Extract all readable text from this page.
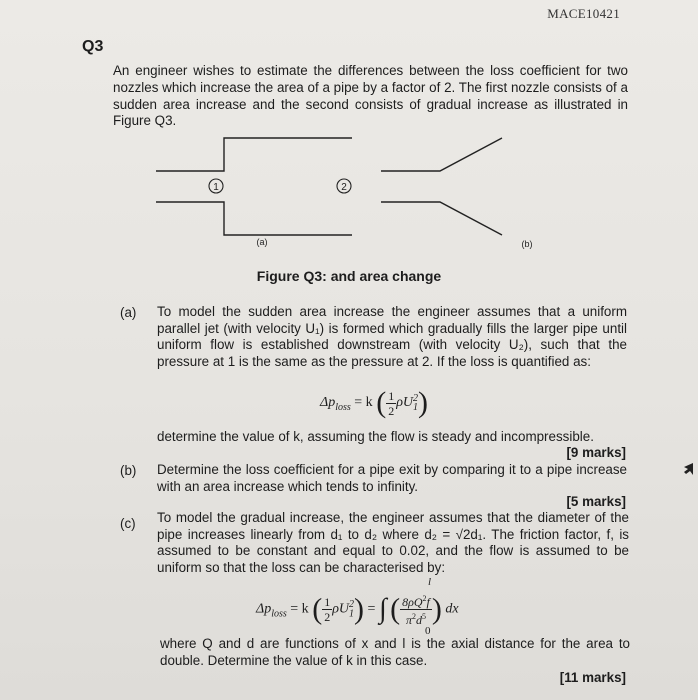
MACE10421
Q3
An engineer wishes to estimate the differences between the loss coefficient for two nozzles which increase the area of a pipe by a factor of 2. The first nozzle consists of a sudden area increase and the second consists of gradual increase as illustrated in Figure Q3.
1	2
(a)	(b)
Figure Q3: and area change
(a) To model the sudden area increase the engineer assumes that a uniform parallel jet (with velocity U₁) is formed which gradually fills the larger pipe until uniform flow is established downstream (with velocity U₂), such that the pressure at 1 is the same as the pressure at 2. If the loss is quantified as:
$\Delta p_{loss} = k$ ( $\frac{1}{2} \rho U_1^2$)
determine the value of k, assuming the flow is steady and incompressible.
[9 marks]
(b) Determine the loss coefficient for a pipe exit by comparing it to a pipe increase with an area increase which tends to infinity.
[5 marks]
(c) To model the gradual increase, the engineer assumes that the diameter of the pipe increases linearly from d₁ to d₂ where d₂ = √2d₁. The friction factor, f, is assumed to be constant and equal to 0.02, and the flow is assumed to be uniform so that the loss can be characterised by:
$\Delta p_{loss} = k$ ( $\frac{1}{2} \rho U_1^2$) = ∫ ( $\frac{8\rho Q^2f}{\pi^2d^5}$ ) dx
l
0
where Q and d are functions of x and l is the axial distance for the area to double. Determine the value of k in this case.
[11 marks]
